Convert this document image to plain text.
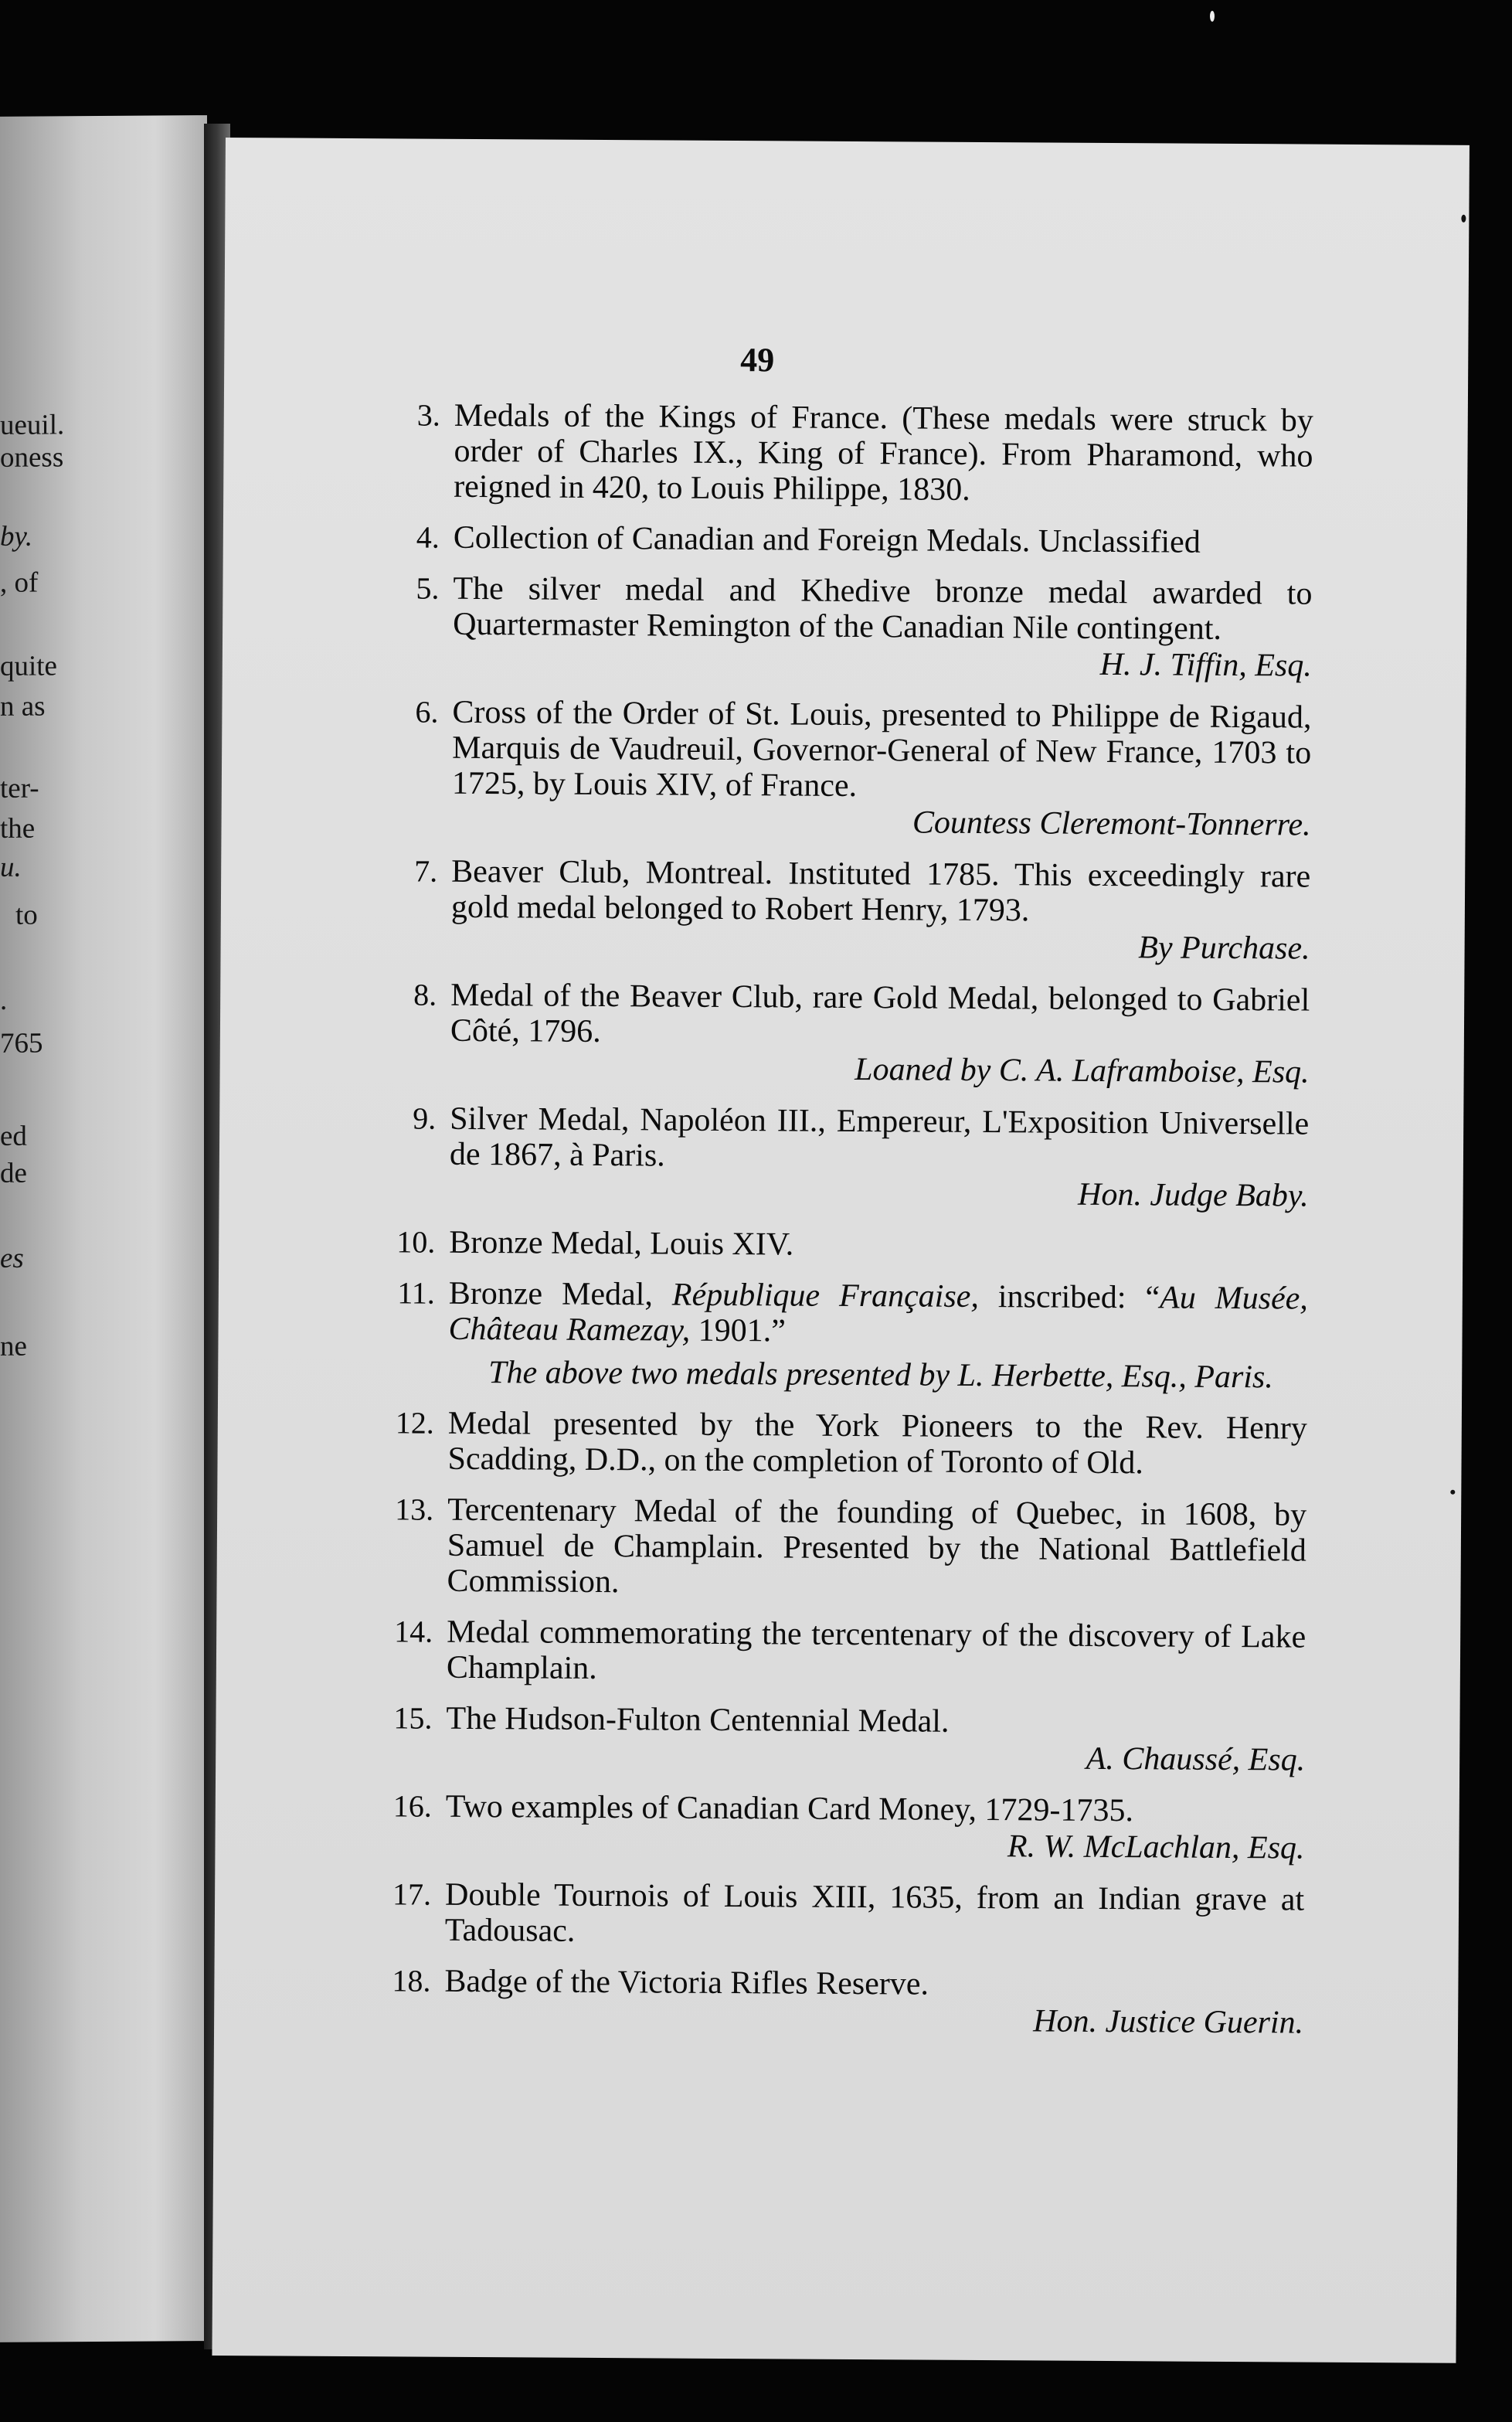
ueuil.
oness
by.
, of
quite
n as
ter-
the
u.
to
.
765
ed
de
es
ne
49
3. Medals of the Kings of France. (These medals were struck by order of Charles IX., King of France). From Pharamond, who reigned in 420, to Louis Philippe, 1830.
4. Collection of Canadian and Foreign Medals. Unclassified
5. The silver medal and Khedive bronze medal awarded to Quartermaster Remington of the Canadian Nile contingent.
H. J. Tiffin, Esq.
6. Cross of the Order of St. Louis, presented to Philippe de Rigaud, Marquis de Vaudreuil, Governor-General of New France, 1703 to 1725, by Louis XIV, of France.
Countess Cleremont-Tonnerre.
7. Beaver Club, Montreal. Instituted 1785. This exceedingly rare gold medal belonged to Robert Henry, 1793.
By Purchase.
8. Medal of the Beaver Club, rare Gold Medal, belonged to Gabriel Côté, 1796.
Loaned by C. A. Laframboise, Esq.
9. Silver Medal, Napoléon III., Empereur, L'Exposition Universelle de 1867, à Paris.
Hon. Judge Baby.
10. Bronze Medal, Louis XIV.
11. Bronze Medal, République Française, inscribed: “Au Musée, Château Ramezay, 1901.”
The above two medals presented by L. Herbette, Esq., Paris.
12. Medal presented by the York Pioneers to the Rev. Henry Scadding, D.D., on the completion of Toronto of Old.
13. Tercentenary Medal of the founding of Quebec, in 1608, by Samuel de Champlain. Presented by the National Battlefield Commission.
14. Medal commemorating the tercentenary of the discovery of Lake Champlain.
15. The Hudson-Fulton Centennial Medal.
A. Chaussé, Esq.
16. Two examples of Canadian Card Money, 1729-1735.
R. W. McLachlan, Esq.
17. Double Tournois of Louis XIII, 1635, from an Indian grave at Tadousac.
18. Badge of the Victoria Rifles Reserve.
Hon. Justice Guerin.
